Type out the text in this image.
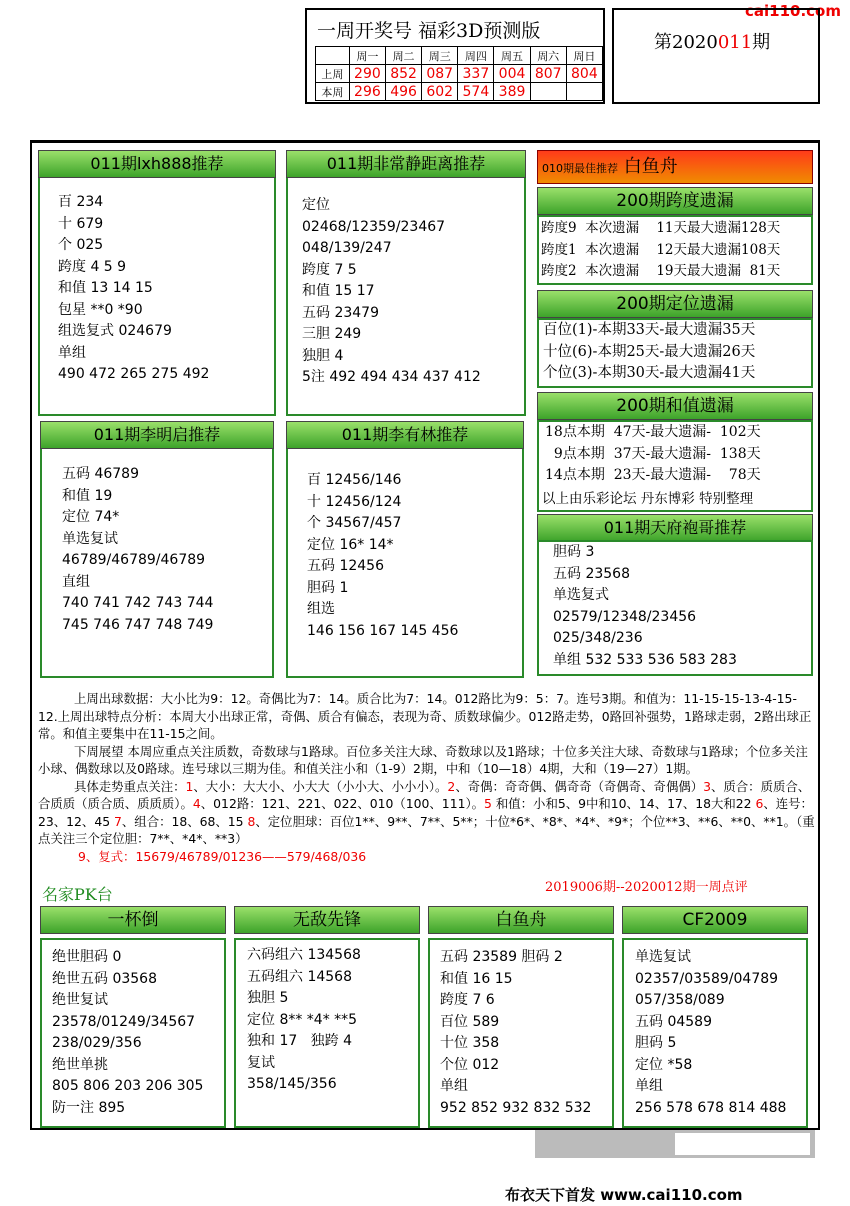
cai110.com
一周开奖号 福彩3D预测版
	周一	周二	周三	周四	周五	周六	周日
上周	290	852	087	337	004	807	804
本周	296	496	602	574	389		
第2020011期
011期lxh888推荐
百 234
十 679
个 025
跨度 4 5 9
和值 13 14 15
包星 **0 *90
组选复式 024679
单组
490 472 265 275 492
011期非常静距离推荐
定位
02468/12359/23467
048/139/247
跨度 7 5
和值 15 17
五码 23479
三胆 249
独胆 4
5注 492 494 434 437 412
011期李明启推荐
五码 46789
和值 19
定位 74*
单选复试
46789/46789/46789
直组
740 741 742 743 744
745 746 747 748 749
011期李有林推荐
百 12456/146
十 12456/124
个 34567/457
定位 16* 14*
五码 12456
胆码 1
组选
146 156 167 145 456
010期最佳推荐 白鱼舟
200期跨度遗漏
跨度9  本次遗漏    11天最大遗漏128天
跨度1  本次遗漏    12天最大遗漏108天
跨度2  本次遗漏    19天最大遗漏  81天
200期定位遗漏
百位(1)-本期33天-最大遗漏35天
十位(6)-本期25天-最大遗漏26天
个位(3)-本期30天-最大遗漏41天
200期和值遗漏
18点本期  47天-最大遗漏-  102天
9点本期  37天-最大遗漏-  138天
14点本期  23天-最大遗漏-    78天
以上由乐彩论坛 丹东博彩 特别整理
011期天府袍哥推荐
胆码 3
五码 23568
单选复式
02579/12348/23456
025/348/236
单组 532 533 536 583 283

上周出球数据：大小比为9：12。奇偶比为7：14。质合比为7：14。012路比为9：5：7。连号3期。和值为：11-15-15-13-4-15-12.上周出球特点分析：本周大小出球正常，奇偶、质合有偏态，表现为奇、质数球偏少。012路走势，0路回补强势，1路球走弱，2路出球正常。和值主要集中在11-15之间。

下周展望 本周应重点关注质数，奇数球与1路球。百位多关注大球、奇数球以及1路球；十位多关注大球、奇数球与1路球；个位多关注小球、偶数球以及0路球。连号球以三期为佳。和值关注小和（1-9）2期，中和（10—18）4期，大和（19—27）1期。

具体走势重点关注：1、大小：大大小、小大大（小小大、小小小）。2、奇偶：奇奇偶、偶奇奇（奇偶奇、奇偶偶）3、质合：质质合、合质质（质合质、质质质）。4、012路：121、221、022、010（100、111）。5 和值：小和5、9中和10、14、17、18大和22 6、连号：23、12、45 7、组合：18、68、15 8、定位胆球：百位1**、9**、7**、5**；十位*6*、*8*、*4*、*9*；个位**3、**6、**0、**1。（重点关注三个定位胆：7**、*4*、**3）

9、复式：15679/46789/01236——579/468/036

名家PK台	2019006期--2020012期一周点评
一杯倒
绝世胆码 0
绝世五码 03568
绝世复试
23578/01249/34567
238/029/356
绝世单挑
805 806 203 206 305
防一注 895
无敌先锋
六码组六 134568
五码组六 14568
独胆 5
定位 8** *4* **5
独和 17   独跨 4
复试
358/145/356
白鱼舟
五码 23589 胆码 2
和值 16 15
跨度 7 6
百位 589
十位 358
个位 012
单组
952 852 932 832 532
CF2009
单选复试
02357/03589/04789
057/358/089
五码 04589
胆码 5
定位 *58
单组
256 578 678 814 488
布衣天下首发 www.cai110.com
